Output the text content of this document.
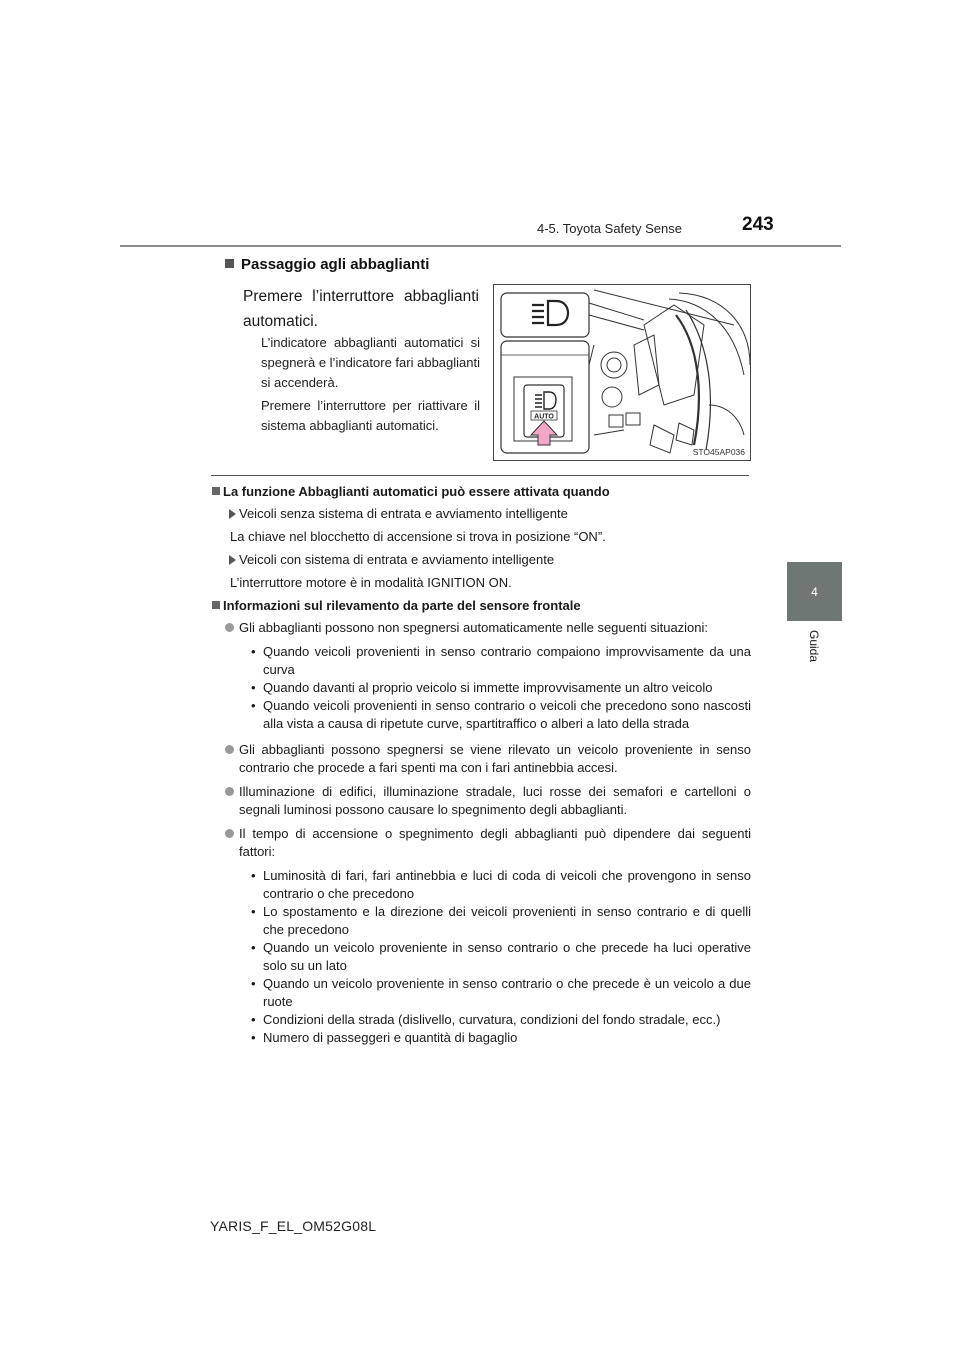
4-5. Toyota Safety Sense	243
4
Guida
Passaggio agli abbaglianti
Premere l’interruttore abbaglianti automatici.
L’indicatore abbaglianti automatici si spegnerà e l’indicatore fari abbaglianti si accenderà.
Premere l’interruttore per riattivare il sistema abbaglianti automatici.
AUTO
STO45AP036
La funzione Abbaglianti automatici può essere attivata quando
Veicoli senza sistema di entrata e avviamento intelligente
La chiave nel blocchetto di accensione si trova in posizione “ON”.
Veicoli con sistema di entrata e avviamento intelligente
L’interruttore motore è in modalità IGNITION ON.
Informazioni sul rilevamento da parte del sensore frontale
Gli abbaglianti possono non spegnersi automaticamente nelle seguenti situazioni:
• Quando veicoli provenienti in senso contrario compaiono improvvisamente da una curva
• Quando davanti al proprio veicolo si immette improvvisamente un altro veicolo
• Quando veicoli provenienti in senso contrario o veicoli che precedono sono nascosti alla vista a causa di ripetute curve, spartitraffico o alberi a lato della strada
Gli abbaglianti possono spegnersi se viene rilevato un veicolo proveniente in senso contrario che procede a fari spenti ma con i fari antinebbia accesi.
Illuminazione di edifici, illuminazione stradale, luci rosse dei semafori e cartelloni o segnali luminosi possono causare lo spegnimento degli abbaglianti.
Il tempo di accensione o spegnimento degli abbaglianti può dipendere dai seguenti fattori:
• Luminosità di fari, fari antinebbia e luci di coda di veicoli che provengono in senso contrario o che precedono
• Lo spostamento e la direzione dei veicoli provenienti in senso contrario e di quelli che precedono
• Quando un veicolo proveniente in senso contrario o che precede ha luci operative solo su un lato
• Quando un veicolo proveniente in senso contrario o che precede è un veicolo a due ruote
• Condizioni della strada (dislivello, curvatura, condizioni del fondo stradale, ecc.)
• Numero di passeggeri e quantità di bagaglio
YARIS_F_EL_OM52G08L
